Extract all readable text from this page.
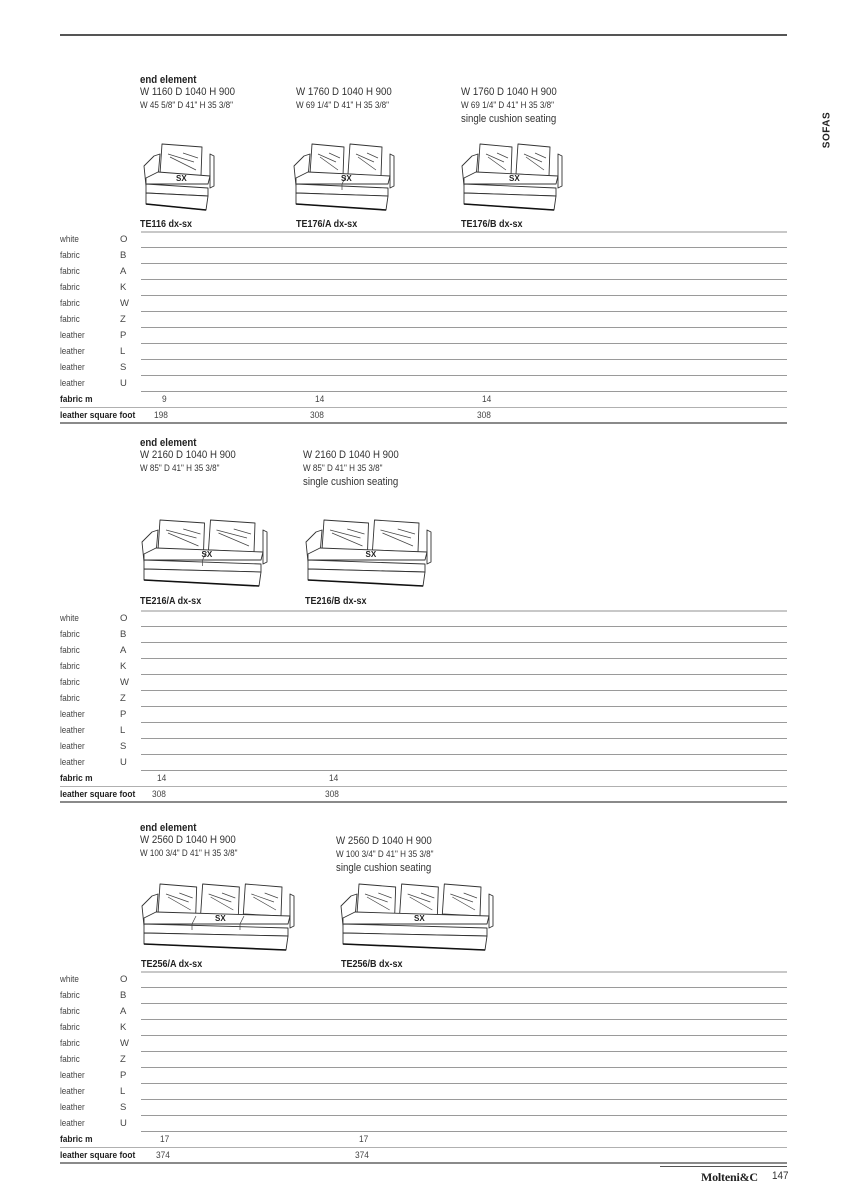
SOFAS
end element
W 1160 D 1040 H 900
W 45 5/8" D 41" H 35 3/8"
W 1760 D 1040 H 900
W 69 1/4" D 41" H 35 3/8"
W 1760 D 1040 H 900
W 69 1/4" D 41" H 35 3/8"
single cushion seating
SX	SX	SX
TE116 dx-sx	TE176/A dx-sx	TE176/B dx-sx
white	O
fabric	B
fabric	A
fabric	K
fabric	W
fabric	Z
leather	P
leather	L
leather	S
leather	U
fabric m	9	14	14
leather square foot 198	308	308
end element
W 2160 D 1040 H 900
W 85" D 41" H 35 3/8"
W 2160 D 1040 H 900
W 85" D 41" H 35 3/8"
single cushion seating
SX	SX
TE216/A dx-sx	TE216/B dx-sx
white	O
fabric	B
fabric	A
fabric	K
fabric	W
fabric	Z
leather	P
leather	L
leather	S
leather	U
fabric m	14	14
leather square foot 308	308
end element
W 2560 D 1040 H 900
W 100 3/4" D 41" H 35 3/8"
W 2560 D 1040 H 900
W 100 3/4" D 41" H 35 3/8"
single cushion seating
SX	SX
TE256/A dx-sx	TE256/B dx-sx
white	O
fabric	B
fabric	A
fabric	K
fabric	W
fabric	Z
leather	P
leather	L
leather	S
leather	U
fabric m	17	17
leather square foot 374	374
Molteni&C 147
